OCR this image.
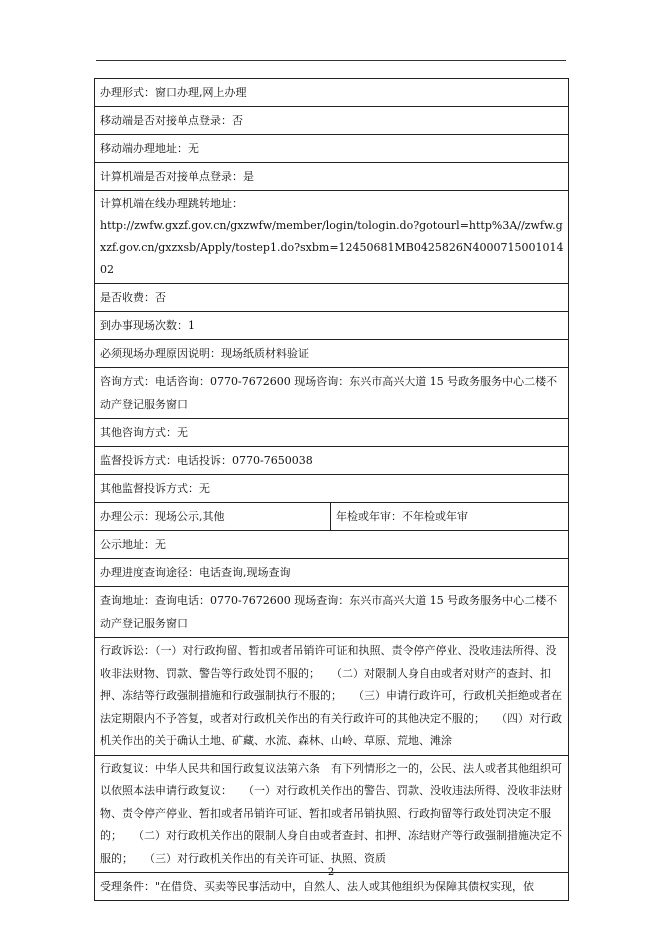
办理形式：窗口办理,网上办理
移动端是否对接单点登录：否
移动端办理地址：无
计算机端是否对接单点登录：是

计算机端在线办理跳转地址：
http://zwfw.gxzf.gov.cn/gxzwfw/member/login/tologin.do?gotourl=http%3A//zwfw.gxzf.gov.cn/gxzxsb/Apply/tostep1.do?sxbm=12450681MB0425826N400071500101402

是否收费：否
到办事现场次数：1
必须现场办理原因说明：现场纸质材料验证
咨询方式：电话咨询：0770-7672600 现场咨询：东兴市高兴大道 15 号政务服务中心二楼不动产登记服务窗口
其他咨询方式：无
监督投诉方式：电话投诉：0770-7650038
其他监督投诉方式：无
办理公示：现场公示,其他	年检或年审：不年检或年审
公示地址：无
办理进度查询途径：电话查询,现场查询
查询地址：查询电话：0770-7672600 现场查询：东兴市高兴大道 15 号政务服务中心二楼不动产登记服务窗口
行政诉讼：（一）对行政拘留、暂扣或者吊销许可证和执照、责令停产停业、没收违法所得、没收非法财物、罚款、警告等行政处罚不服的；　　（二）对限制人身自由或者对财产的查封、扣押、冻结等行政强制措施和行政强制执行不服的；　　（三）申请行政许可，行政机关拒绝或者在法定期限内不予答复，或者对行政机关作出的有关行政许可的其他决定不服的；　　（四）对行政机关作出的关于确认土地、矿藏、水流、森林、山岭、草原、荒地、滩涂
行政复议：中华人民共和国行政复议法第六条　有下列情形之一的，公民、法人或者其他组织可以依照本法申请行政复议：　　（一）对行政机关作出的警告、罚款、没收违法所得、没收非法财物、责令停产停业、暂扣或者吊销许可证、暂扣或者吊销执照、行政拘留等行政处罚决定不服的；　　（二）对行政机关作出的限制人身自由或者查封、扣押、冻结财产等行政强制措施决定不服的；　　（三）对行政机关作出的有关许可证、执照、资质
受理条件："在借贷、买卖等民事活动中，自然人、法人或其他组织为保障其债权实现，依
2
